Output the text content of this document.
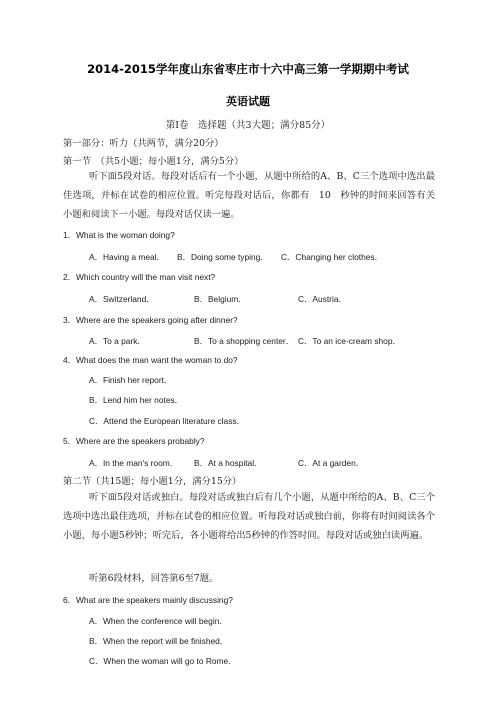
2014-2015学年度山东省枣庄市十六中高三第一学期期中考试
英语试题
第Ⅰ卷　选择题（共3大题；满分85分）
第一部分：听力（共两节，满分20分）
第一节　（共5小题；每小题1分，满分5分）

听下面5段对话。每段对话后有一个小题，从题中所给的A、B、C三个选项中选出最佳选项，并标在试卷的相应位置。听完每段对话后，你都有　10　秒钟的时间来回答有关小题和阅读下一小题。每段对话仅读一遍。

1．What is the woman doing?
A．Having a meal． B．Doing some typing． C．Changing her clothes．
2．Which country will the man visit next?
A．Switzerland．	B．Belgium．	C．Austria．
3．Where are the speakers going after dinner?
A．To a park．	B．To a shopping center． C．To an ice-cream shop．
4．What does the man want the woman to do?
A．Finish her report．
B．Lend him her notes．
C．Attend the European literature class．
5．Where are the speakers probably?
A．In the man's room． B．At a hospital．	C．At a garden．
第二节（共15题；每小题1分，满分15分）

听下面5段对话或独白。每段对话或独白后有几个小题，从题中所给的A、B、C三个选项中选出最佳选项，并标在试卷的相应位置。听每段对话或独白前，你将有时间阅读各个小题，每小题5秒钟；听完后，各小题将给出5秒钟的作答时间。每段对话或独白读两遍。

听第6段材料，回答第6至7题。
6．What are the speakers mainly discussing?
A．When the conference will begin．
B．When the report will be finished．
C．When the woman will go to Rome．
